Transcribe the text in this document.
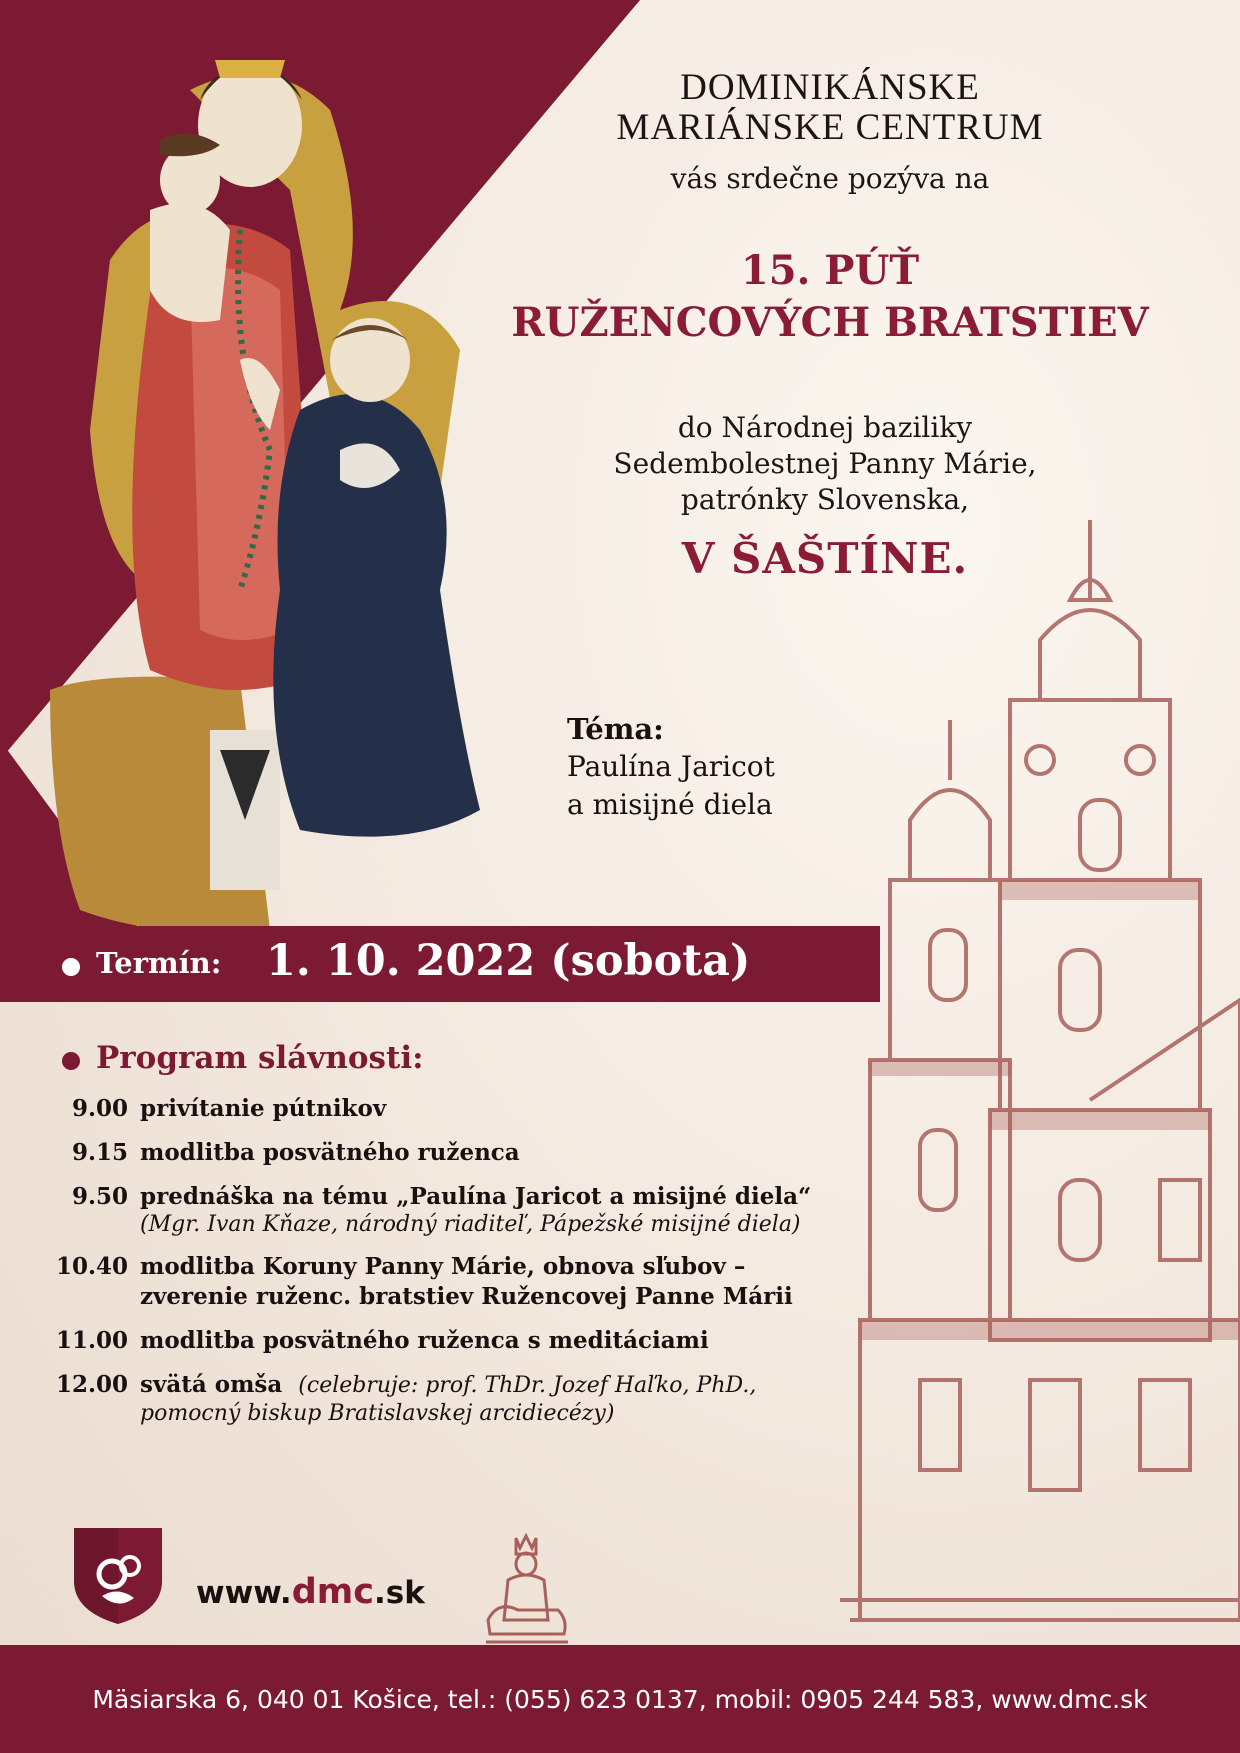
DOMINIKÁNSKE
MARIÁNSKE CENTRUM
vás srdečne pozýva na
15. PÚŤ
RUŽENCOVÝCH BRATSTIEV
do Národnej baziliky
Sedembolestnej Panny Márie,
patrónky Slovenska,
V ŠAŠTÍNE.
Téma:
Paulína Jaricot
a misijné diela
Termín: 1. 10. 2022 (sobota)
Program slávnosti:
9.00 privítanie pútnikov
9.15 modlitba posvätného ruženca
9.50 prednáška na tému „Paulína Jaricot a misijné diela“
(Mgr. Ivan Kňaze, národný riaditeľ, Pápežské misijné diela)
10.40 modlitba Koruny Panny Márie, obnova sľubov –
zverenie ruženc. bratstiev Ružencovej Panne Márii
11.00 modlitba posvätného ruženca s meditáciami
12.00 svätá omša (celebruje: prof. ThDr. Jozef Haľko, PhD.,
pomocný biskup Bratislavskej arcidiecézy)
www.dmc.sk
Mäsiarska 6, 040 01 Košice, tel.: (055) 623 0137, mobil: 0905 244 583, www.dmc.sk
